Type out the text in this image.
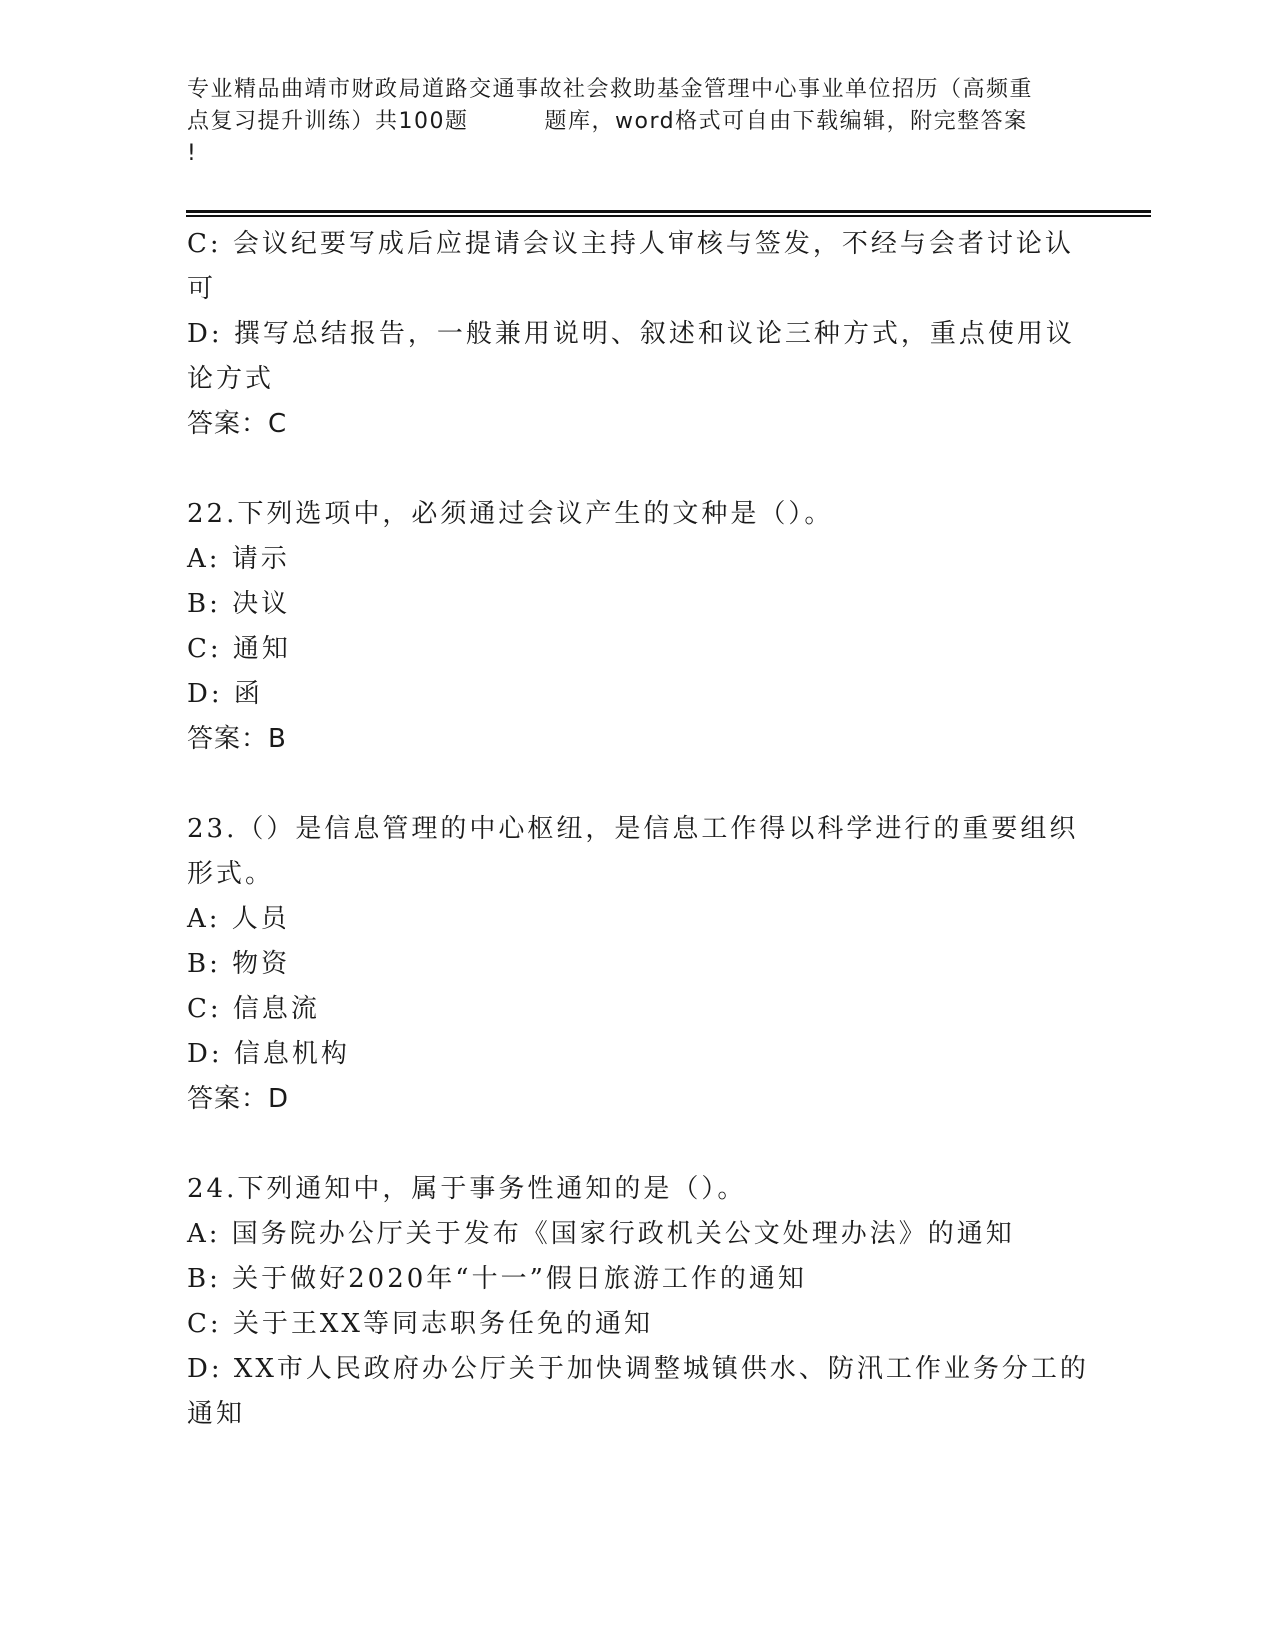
专业精品曲靖市财政局道路交通事故社会救助基金管理中心事业单位招历（高频重
点复习提升训练）共100题	题库，word格式可自由下载编辑，附完整答案
!
C: 会议纪要写成后应提请会议主持人审核与签发，不经与会者讨论认
可
D: 撰写总结报告，一般兼用说明、叙述和议论三种方式，重点使用议
论方式
答案：C
22.下列选项中，必须通过会议产生的文种是（）。
A: 请示
B: 决议
C: 通知
D: 函
答案：B
23.（）是信息管理的中心枢纽，是信息工作得以科学进行的重要组织
形式。
A: 人员
B: 物资
C: 信息流
D: 信息机构
答案：D
24.下列通知中，属于事务性通知的是（）。
A: 国务院办公厅关于发布《国家行政机关公文处理办法》的通知
B: 关于做好2020年“十一”假日旅游工作的通知
C: 关于王XX等同志职务任免的通知
D: XX市人民政府办公厅关于加快调整城镇供水、防汛工作业务分工的
通知
